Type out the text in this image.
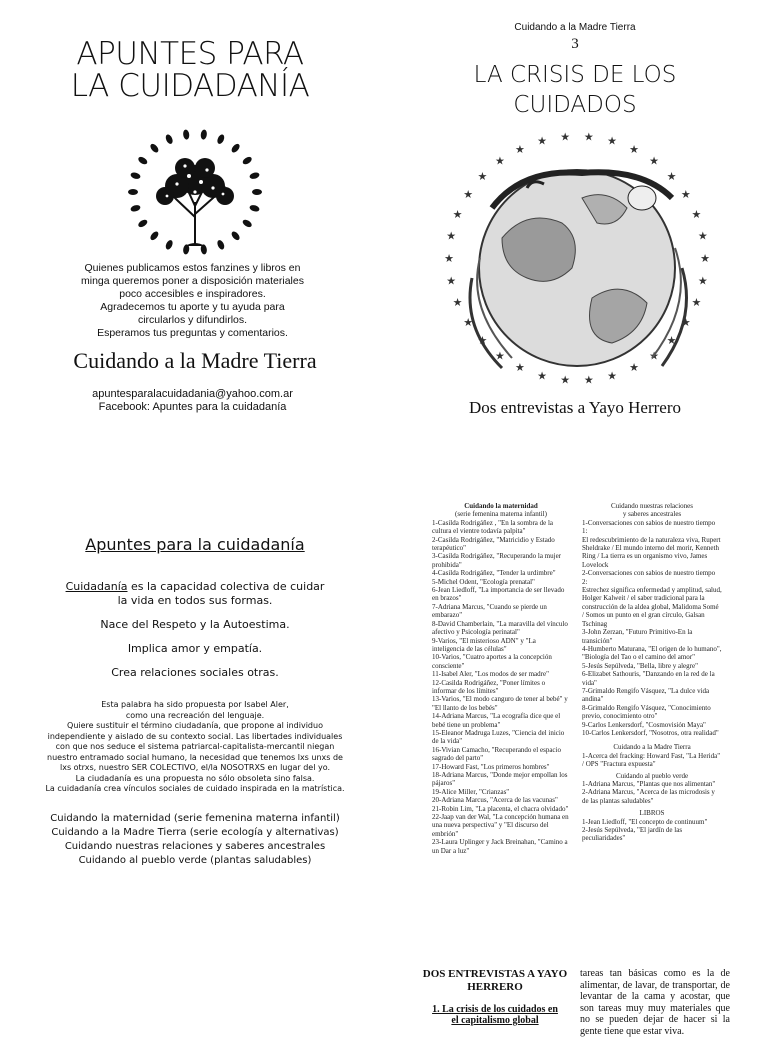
APUNTES PARA
LA CUIDADANÍA
Quienes publicamos estos fanzines y libros en
minga queremos poner a disposición materiales
poco accesibles e inspiradores.
Agradecemos tu aporte y tu ayuda para
circularlos y difundirlos.
Esperamos tus preguntas y comentarios.
Cuidando a la Madre Tierra
apuntesparalacuidadania@yahoo.com.ar
Facebook: Apuntes para la cuidadanía
Cuidando a la Madre Tierra
3
LA CRISIS DE LOS
CUIDADOS
★
★
★
★
★
★
★
★
★
★
★
★
★
★
★
★
★
★
★
★
★
★
★
★
★ ★ ★ ★
★
★
★
★
★
★
Dos entrevistas a Yayo Herrero
Apuntes para la cuidadanía
Cuidadanía es la capacidad colectiva de cuidar
la vida en todos sus formas.
Nace del Respeto y la Autoestima.
Implica amor y empatía.
Crea relaciones sociales otras.
Esta palabra ha sido propuesta por Isabel Aler,
como una recreación del lenguaje.
Quiere sustituir el término ciudadanía, que propone al individuo
independiente y aislado de su contexto social. Las libertades individuales
con que nos seduce el sistema patriarcal-capitalista-mercantil niegan
nuestro entramado social humano, la necesidad que tenemos lxs unxs de
lxs otrxs, nuestro SER COLECTIVO, el/la NOSOTRXS en lugar del yo.
La ciudadanía es una propuesta no sólo obsoleta sino falsa.
La cuidadanía crea vínculos sociales de cuidado inspirada en la matrística.
Cuidando la maternidad (serie femenina materna infantil)
Cuidando a la Madre Tierra (serie ecología y alternativas)
Cuidando nuestras relaciones y saberes ancestrales
Cuidando al pueblo verde (plantas saludables)
Cuidando la maternidad
(serie femenina materna infantil)
1-Casilda Rodrigáñez , "En la sombra de la cultura el vientre todavía palpita"
2-Casilda Rodrigáñez, "Matricidio y Estado terapéutico"
3-Casilda Rodrigáñez, "Recuperando la mujer prohibida"
4-Casilda Rodrigáñez, "Tender la urdimbre"
5-Michel Odent, "Ecología prenatal"
6-Jean Liedloff, "La importancia de ser llevado en brazos"
7-Adriana Marcus, "Cuando se pierde un embarazo"
8-David Chamberlain, "La maravilla del vínculo afectivo y Psicología perinatal"
9-Varios, "El misterioso ADN" y "La inteligencia de las células"
10-Varios, "Cuatro aportes a la concepción consciente"
11-Isabel Aler, "Los modos de ser madre"
12-Casilda Rodrigáñez, "Poner límites o informar de los límites"
13-Varios, "El modo canguro de tener al bebé" y "El llanto de los bebés"
14-Adriana Marcus, "La ecografía dice que el bebé tiene un problema"
15-Eleanor Madruga Luzes, "Ciencia del inicio de la vida"
16-Vivian Camacho, "Recuperando el espacio sagrado del parto"
17-Howard Fast, "Los primeros hombres"
18-Adriana Marcus, "Donde mejor empollan los pájaros"
19-Alice Miller, "Crianzas"
20-Adriana Marcus, "Acerca de las vacunas"
21-Robin Lim, "La placenta, el chacra olvidado"
22-Jaap van der Wal, "La concepción humana en una nueva perspectiva" y "El discurso del embrión"
23-Laura Uplinger y Jack Breinahan, "Camino a un Dar a luz"
Cuidando nuestras relaciones
y saberes ancestrales
1-Conversaciones con sabios de nuestro tiempo 1:
El redescubrimiento de la naturaleza viva, Rupert Sheldrake / El mundo interno del morir, Kenneth Ring / La tierra es un organismo vivo, James Lovelock
2-Conversaciones con sabios de nuestro tiempo 2:
Estrechez significa enfermedad y amplitud, salud, Holger Kalweit / el saber tradicional para la construcción de la aldea global, Malidoma Somé / Somos un punto en el gran círculo, Galsan Tschinag
3-John Zerzan, "Futuro Primitivo-En la transición"
4-Humberto Maturana, "El origen de lo humano", "Biología del Tao o el camino del amor"
5-Jesús Sepúlveda, "Bella, libre y alegre"
6-Elizabet Sathouris, "Danzando en la red de la vida"
7-Grimaldo Rengifo Vásquez, "La dulce vida andina"
8-Grimaldo Rengifo Vásquez, "Conocimiento previo, conocimiento otro"
9-Carlos Lenkersdorf, "Cosmovisión Maya"
10-Carlos Lenkersdorf, "Nosotros, otra realidad"
Cuidando a la Madre Tierra
1-Acerca del fracking: Howard Fast, "La Herida" / OPS "Fractura expuesta"
Cuidando al pueblo verde
1-Adriana Marcus, "Plantas que nos alimentan"
2-Adriana Marcus, "Acerca de las microdosis y de las plantas saludables"
LIBROS
1-Jean Liedloff, "El concepto de continuum"
2-Jesús Sepúlveda, "El jardín de las peculiaridades"
DOS ENTREVISTAS A YAYO HERRERO
1. La crisis de los cuidados en el capitalismo global
tareas tan básicas como es la de alimentar, de lavar, de transportar, de levantar de la cama y acostar, que son tareas muy muy materiales que no se pueden dejar de hacer si la gente tiene que estar viva.
